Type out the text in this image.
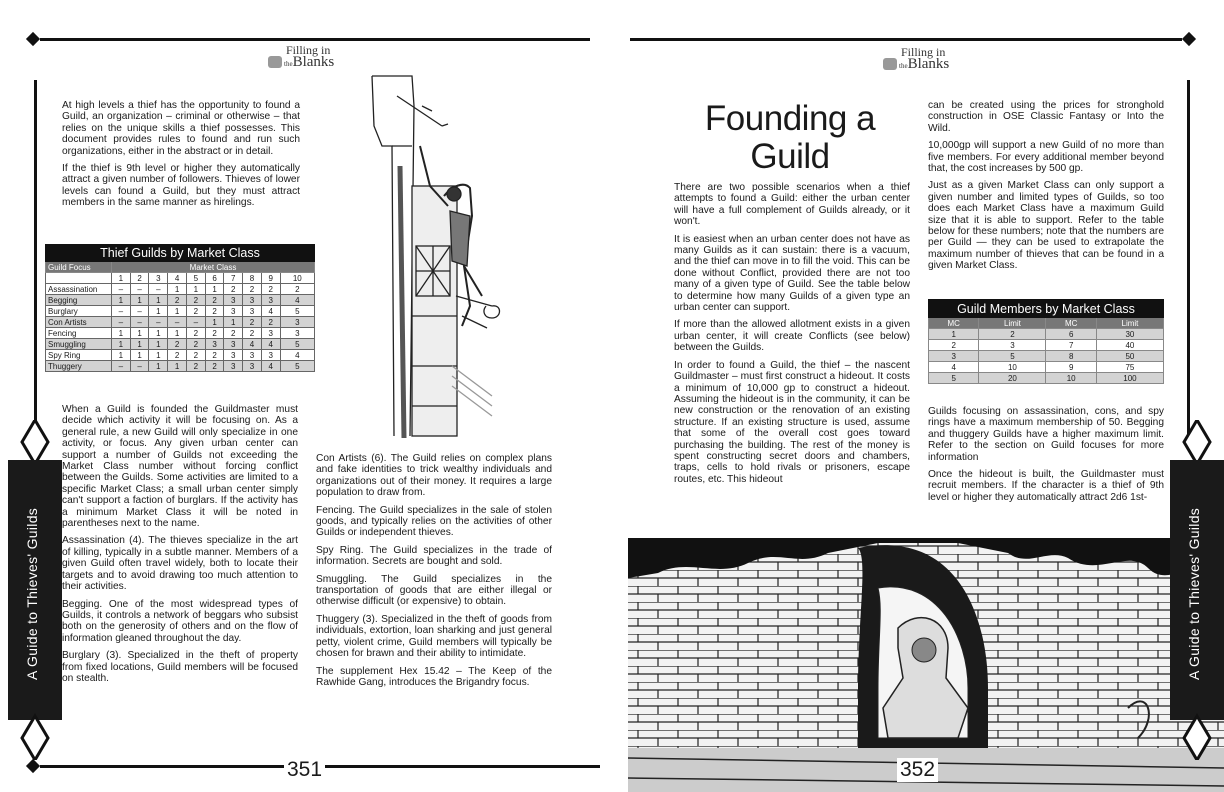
Filling in
theBlanks
Filling in
theBlanks

At high levels a thief has the opportunity to found a Guild, an organization – criminal or otherwise – that relies on the unique skills a thief possesses. This document provides rules to found and run such organizations, either in the abstract or in detail.

If the thief is 9th level or higher they automatically attract a given number of followers. Thieves of lower levels can found a Guild, but they must attract members in the same manner as hirelings.

Thief Guilds by Market Class										
Guild Focus	Market Class									
	1	2	3	4	5	6	7	8	9	10
Assassination	–	–	–	1	1	1	2	2	2	2
Begging	1	1	1	2	2	2	3	3	3	4
Burglary	–	–	1	1	2	2	3	3	4	5
Con Artists	–	–	–	–	–	1	1	2	2	3
Fencing	1	1	1	1	2	2	2	2	3	3
Smuggling	1	1	1	2	2	3	3	4	4	5
Spy Ring	1	1	1	2	2	2	3	3	3	4
Thuggery	–	–	1	1	2	2	3	3	4	5

When a Guild is founded the Guildmaster must decide which activity it will be focusing on. As a general rule, a new Guild will only specialize in one activity, or focus. Any given urban center can support a number of Guilds not exceeding the Market Class number without forcing conflict between the Guilds. Some activities are limited to a specific Market Class; a small urban center simply can't support a faction of burglars. If the activity has a minimum Market Class it will be noted in parentheses next to the name.

Assassination (4). The thieves specialize in the art of killing, typically in a subtle manner. Members of a given Guild often travel widely, both to locate their targets and to avoid drawing too much attention to their activities.

Begging. One of the most widespread types of Guilds, it controls a network of beggars who subsist both on the generosity of others and on the flow of information gleaned throughout the day.

Burglary (3). Specialized in the theft of property from fixed locations, Guild members will be focused on stealth.

Con Artists (6). The Guild relies on complex plans and fake identities to trick wealthy individuals and organizations out of their money. It requires a large population to draw from.

Fencing. The Guild specializes in the sale of stolen goods, and typically relies on the activities of other Guilds or independent thieves.

Spy Ring. The Guild specializes in the trade of information. Secrets are bought and sold.

Smuggling. The Guild specializes in the transportation of goods that are either illegal or otherwise difficult (or expensive) to obtain.

Thuggery (3). Specialized in the theft of goods from individuals, extortion, loan sharking and just general petty, violent crime, Guild members will typically be chosen for brawn and their ability to intimidate.

The supplement Hex 15.42 – The Keep of the Rawhide Gang, introduces the Brigandry focus.

Founding a
Guild

There are two possible scenarios when a thief attempts to found a Guild: either the urban center will have a full complement of Guilds already, or it won't.

It is easiest when an urban center does not have as many Guilds as it can sustain: there is a vacuum, and the thief can move in to fill the void. This can be done without Conflict, provided there are not too many of a given type of Guild. See the table below to determine how many Guilds of a given type an urban center can support.

If more than the allowed allotment exists in a given urban center, it will create Conflicts (see below) between the Guilds.

In order to found a Guild, the thief – the nascent Guildmaster – must first construct a hideout. It costs a minimum of 10,000 gp to construct a hideout. Assuming the hideout is in the community, it can be new construction or the renovation of an existing structure. If an existing structure is used, assume that some of the overall cost goes toward purchasing the building. The rest of the money is spent constructing secret doors and chambers, traps, cells to hold rivals or prisoners, escape routes, etc. This hideout

can be created using the prices for stronghold construction in OSE Classic Fantasy or Into the Wild.

10,000gp will support a new Guild of no more than five members. For every additional member beyond that, the cost increases by 500 gp.

Just as a given Market Class can only support a given number and limited types of Guilds, so too does each Market Class have a maximum Guild size that it is able to support. Refer to the table below for these numbers; note that the numbers are per Guild — they can be used to extrapolate the maximum number of thieves that can be found in a given Market Class.

Guild Members by Market Class			
MC	Limit	MC	Limit
1	2	6	30
2	3	7	40
3	5	8	50
4	10	9	75
5	20	10	100

Guilds focusing on assassination, cons, and spy rings have a maximum membership of 50. Begging and thuggery Guilds have a higher maximum limit. Refer to the section on Guild focuses for more information

Once the hideout is built, the Guildmaster must recruit members. If the character is a thief of 9th level or higher they automatically attract 2d6 1st-

A Guide to Thieves' Guilds	A Guide to Thieves' Guilds
351	352
